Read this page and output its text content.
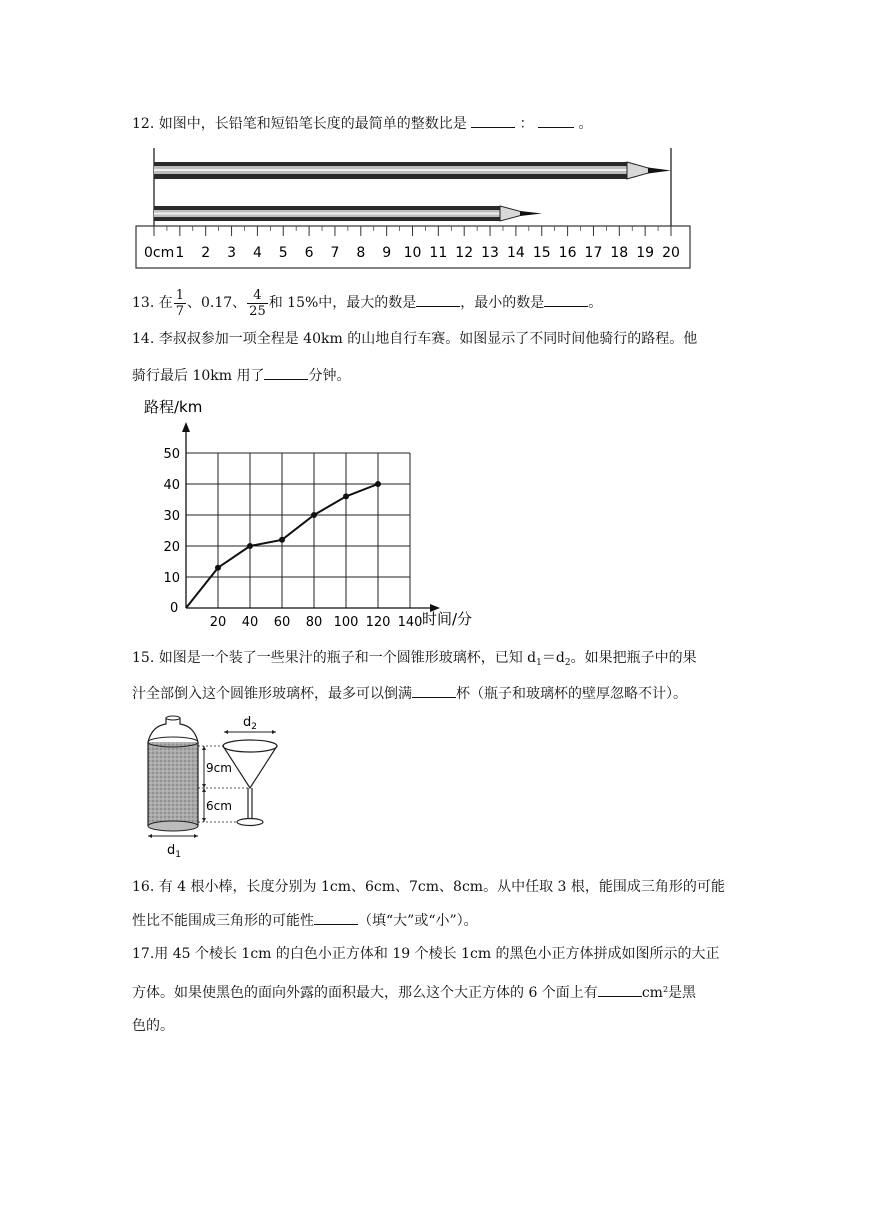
12. 如图中，长铅笔和短铅笔长度的最简单的整数比是	：	。
1 2 3 4 5 6 7 8 9 10 11 12 13 14 15 16 17 18 19 20
0cm
13. 在 $\frac{1}{7}$ 、0.17、 $\frac{4}{25}$ 和 15%中，最大的数是	，最小的数是	。
14. 李叔叔参加一项全程是 40km 的山地自行车赛。如图显示了不同时间他骑行的路程。他
骑行最后 10km 用了	分钟。
路程/km
时间/分
0
20 40 60 80 100 120 140
10
20
30
40
50
15. 如图是一个装了一些果汁的瓶子和一个圆锥形玻璃杯，已知 $d_1=d_2$。如果把瓶子中的果
汁全部倒入这个圆锥形玻璃杯，最多可以倒满	杯（瓶子和玻璃杯的壁厚忽略不计）。
$d_1$
$d_2$
9cm
6cm
16. 有 4 根小棒，长度分别为 1cm、6cm、7cm、8cm。从中任取 3 根，能围成三角形的可能
性比不能围成三角形的可能性	（填“大”或“小”）。
17.用 45 个棱长 1cm 的白色小正方体和 19 个棱长 1cm 的黑色小正方体拼成如图所示的大正
方体。如果使黑色的面向外露的面积最大，那么这个大正方体的 6 个面上有	$cm^2$是黑
色的。
